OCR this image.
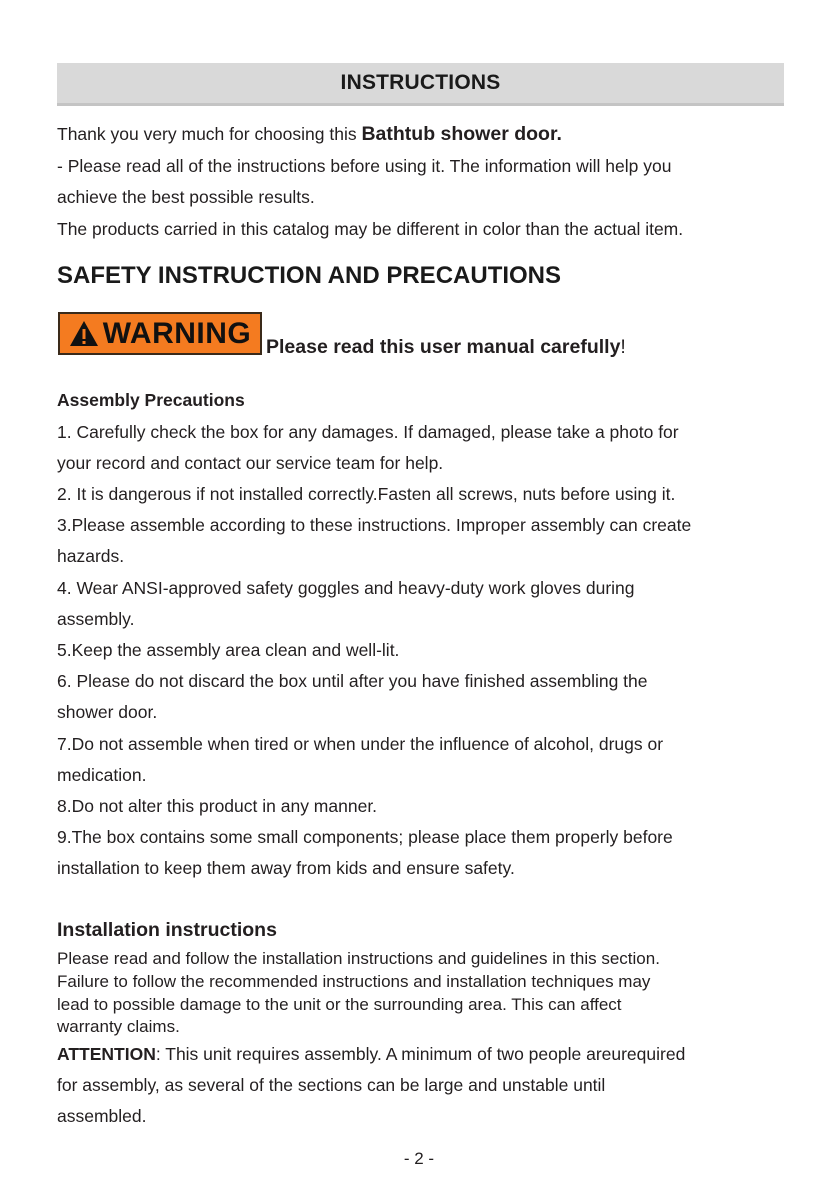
INSTRUCTIONS
Thank you very much for choosing this Bathtub shower door.
- Please read all of the instructions before using it. The information will help you
achieve the best possible results.
The products carried in this catalog may be different in color than the actual item.
SAFETY INSTRUCTION AND PRECAUTIONS
WARNING Please read this user manual carefully!
Assembly Precautions
1. Carefully check the box for any damages. If damaged, please take a photo for
your record and contact our service team for help.
2. It is dangerous if not installed correctly.Fasten all screws, nuts before using it.
3.Please assemble according to these instructions. Improper assembly can create
hazards.
4. Wear ANSI-approved safety goggles and heavy-duty work gloves during
assembly.
5.Keep the assembly area clean and well-lit.
6. Please do not discard the box until after you have finished assembling the
shower door.
7.Do not assemble when tired or when under the influence of alcohol, drugs or
medication.
8.Do not alter this product in any manner.
9.The box contains some small components; please place them properly before
installation to keep them away from kids and ensure safety.
Installation instructions
Please read and follow the installation instructions and guidelines in this section.
Failure to follow the recommended instructions and installation techniques may
lead to possible damage to the unit or the surrounding area. This can affect
warranty claims.
ATTENTION: This unit requires assembly. A minimum of two people areurequired
for assembly, as several of the sections can be large and unstable until
assembled.
- 2 -
